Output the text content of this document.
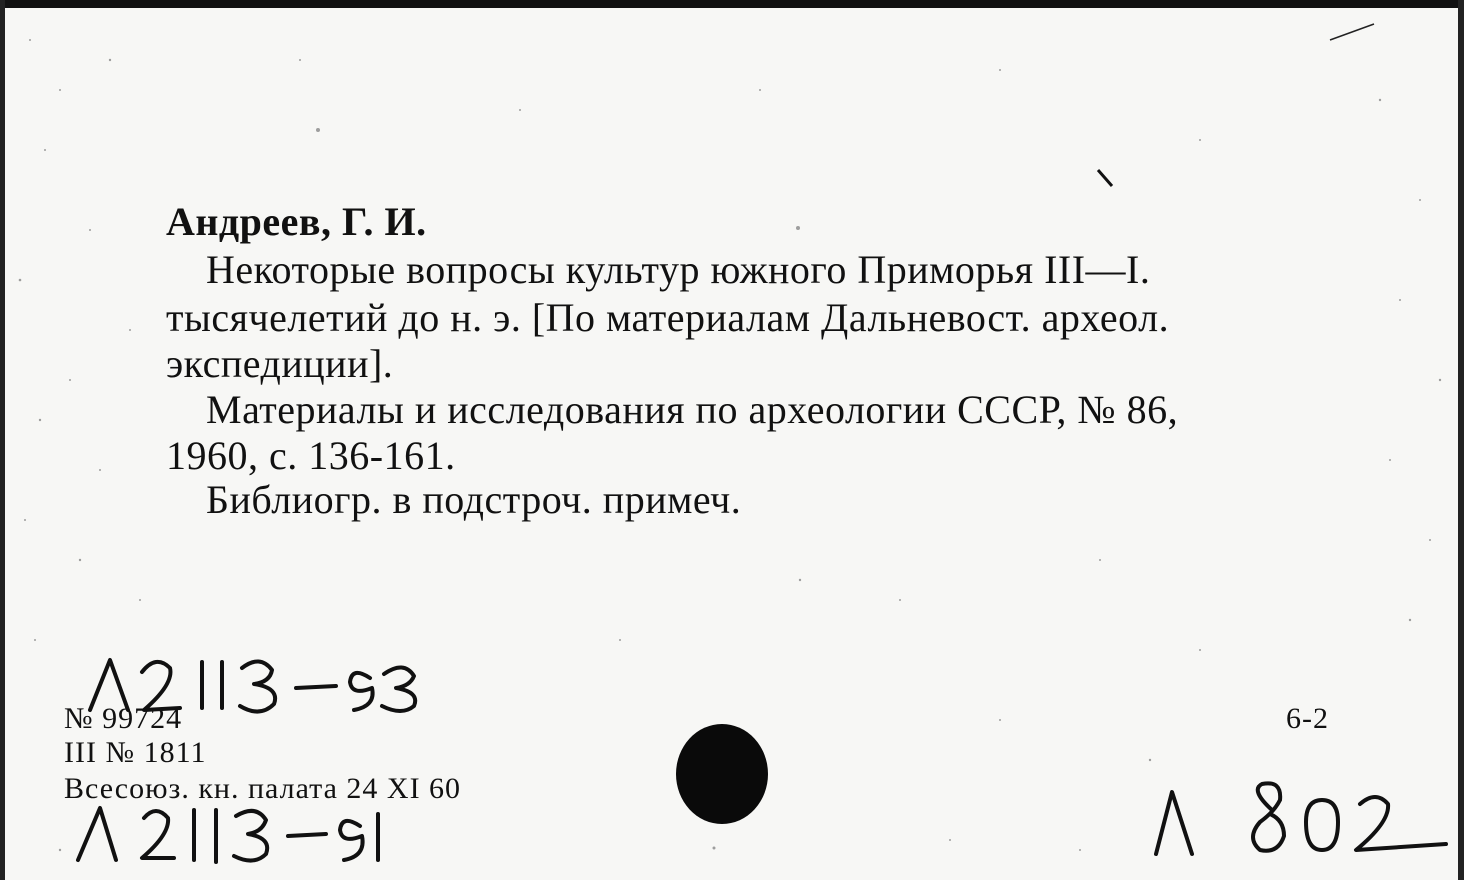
Андреев, Г. И.
Некоторые вопросы культур южного Приморья III—I.
тысячелетий до н. э. [По материалам Дальневост. археол.
экспедиции].
Материалы и исследования по археологии СССР, № 86,
1960, с. 136-161.
Библиогр. в подстроч. примеч.
№ 99724
III № 1811
Всесоюз. кн. палата 24 XI 60
6-2
